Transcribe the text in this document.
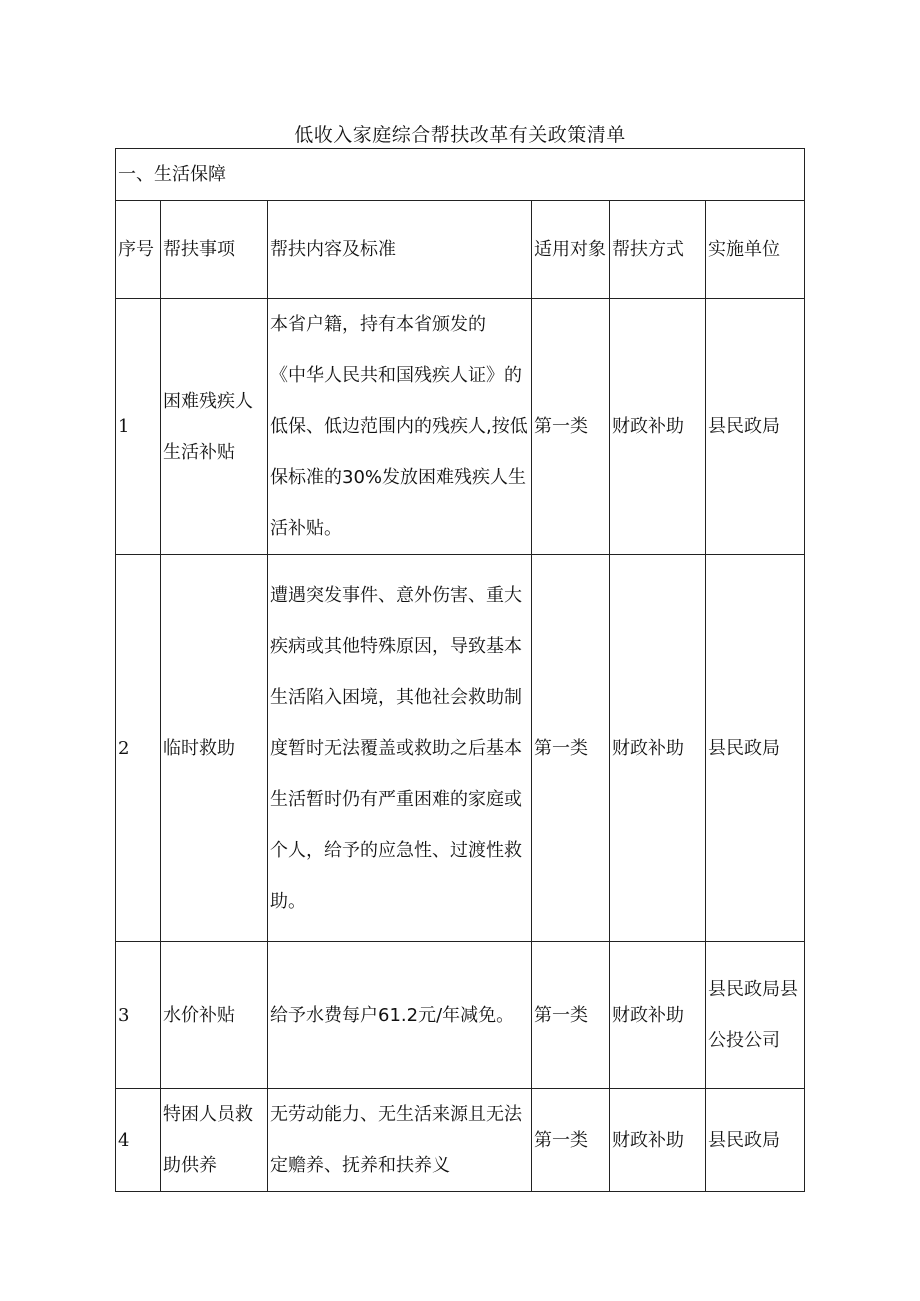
低收入家庭综合帮扶改革有关政策清单
一、生活保障					
序号	帮扶事项	帮扶内容及标准	适用对象	帮扶方式	实施单位
1	困难残疾人生活补贴	本省户籍，持有本省颁发的　《中华人民共和国残疾人证》的低保、低边范围内的残疾人,按低保标准的30%发放困难残疾人生活补贴。	第一类	财政补助	县民政局
2	临时救助	遭遇突发事件、意外伤害、重大疾病或其他特殊原因，导致基本生活陷入困境，其他社会救助制度暂时无法覆盖或救助之后基本生活暂时仍有严重困难的家庭或个人，给予的应急性、过渡性救助。	第一类	财政补助	县民政局
3	水价补贴	给予水费每户61.2元/年减免。	第一类	财政补助	县民政局县公投公司
4	特困人员救助供养	无劳动能力、无生活来源且无法定赡养、抚养和扶养义	第一类	财政补助	县民政局
